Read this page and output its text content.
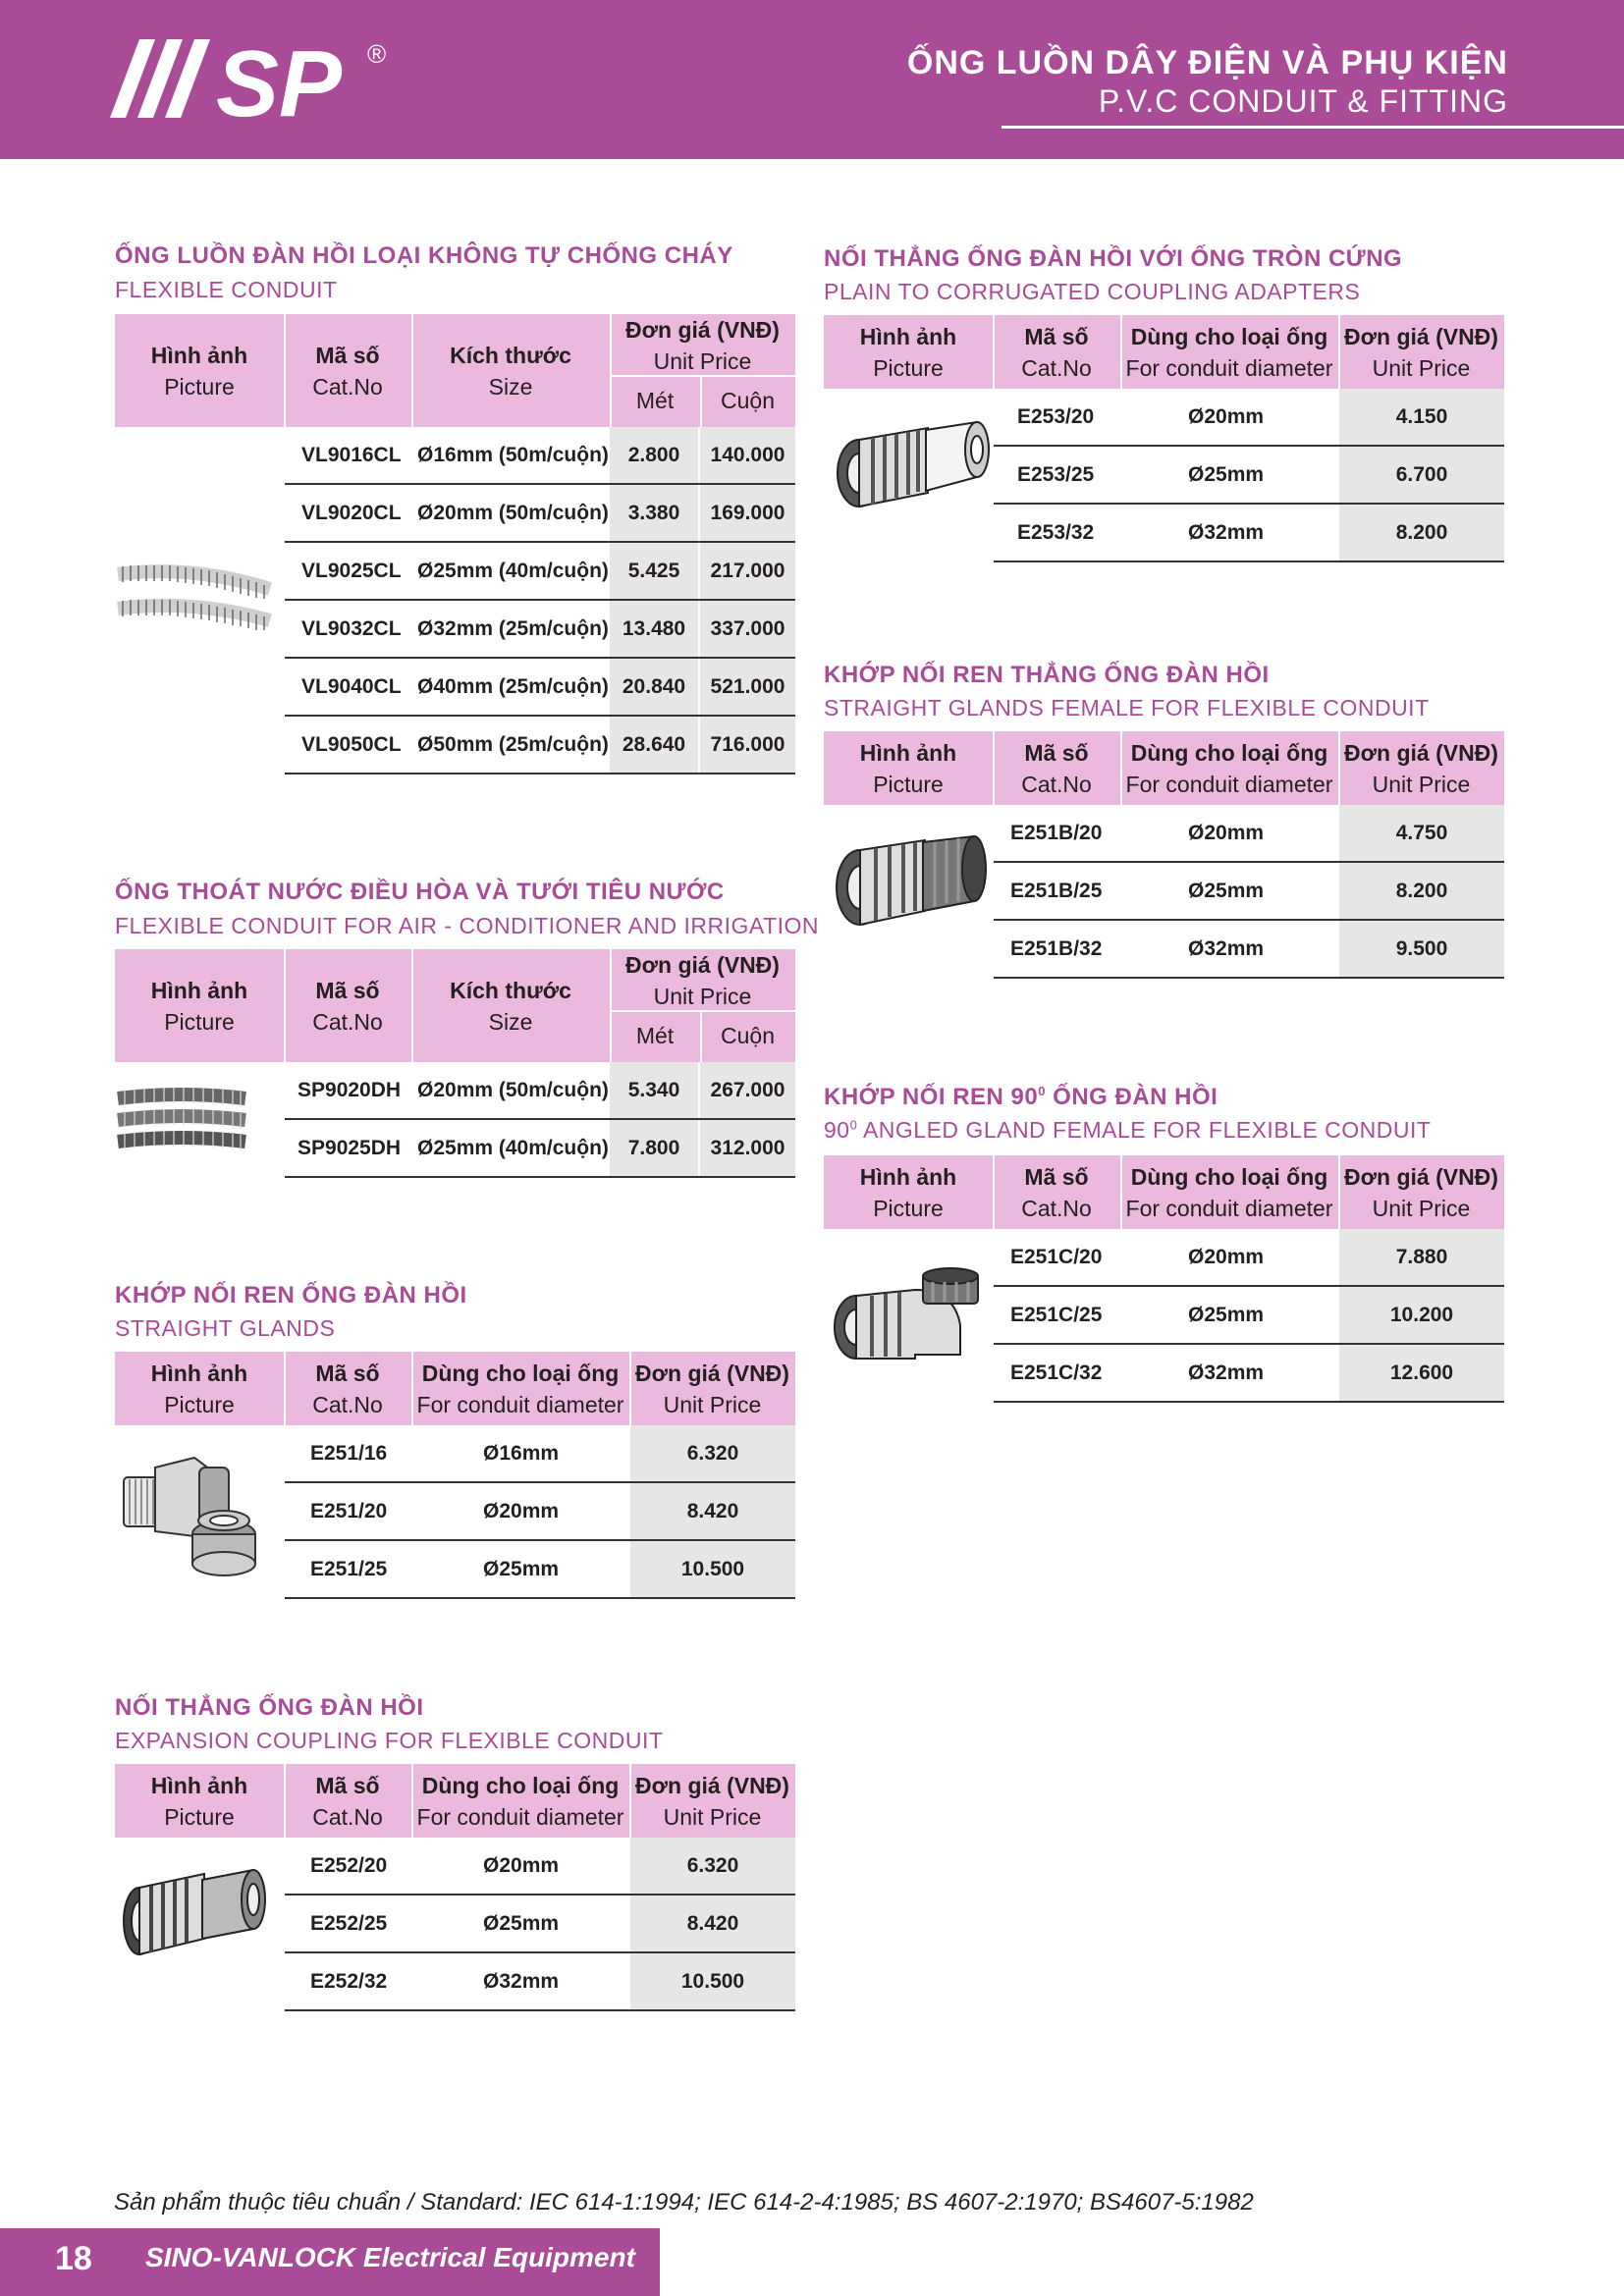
SP ®	ỐNG LUỒN DÂY ĐIỆN VÀ PHỤ KIỆN
P.V.C CONDUIT & FITTING
ỐNG LUỒN ĐÀN HỒI LOẠI KHÔNG TỰ CHỐNG CHÁY
FLEXIBLE CONDUIT
Hình ảnh
Picture
Mã số
Cat.No
Kích thước
Size
Đơn giá (VNĐ)
Unit Price
Mét	Cuộn
VL9016CL Ø16mm (50m/cuộn) 2.800	140.000
VL9020CL Ø20mm (50m/cuộn) 3.380	169.000
VL9025CL Ø25mm (40m/cuộn) 5.425	217.000
VL9032CL Ø32mm (25m/cuộn) 13.480	337.000
VL9040CL Ø40mm (25m/cuộn) 20.840	521.000
VL9050CL Ø50mm (25m/cuộn) 28.640	716.000
ỐNG THOÁT NƯỚC ĐIỀU HÒA VÀ TƯỚI TIÊU NƯỚC
FLEXIBLE CONDUIT FOR AIR - CONDITIONER AND IRRIGATION
Hình ảnh
Picture
Mã số
Cat.No
Kích thước
Size
Đơn giá (VNĐ)
Unit Price
Mét	Cuộn
SP9020DH Ø20mm (50m/cuộn) 5.340	267.000
SP9025DH Ø25mm (40m/cuộn) 7.800	312.000
KHỚP NỐI REN ỐNG ĐÀN HỒI
STRAIGHT GLANDS
Hình ảnh
Picture
Mã số
Cat.No
Dùng cho loại ống
For conduit diameter
Đơn giá (VNĐ)
Unit Price
E251/16	Ø16mm	6.320
E251/20	Ø20mm	8.420
E251/25	Ø25mm	10.500
NỐI THẲNG ỐNG ĐÀN HỒI
EXPANSION COUPLING FOR FLEXIBLE CONDUIT
Hình ảnh
Picture
Mã số
Cat.No
Dùng cho loại ống
For conduit diameter
Đơn giá (VNĐ)
Unit Price
E252/20	Ø20mm	6.320
E252/25	Ø25mm	8.420
E252/32	Ø32mm	10.500
NỐI THẲNG ỐNG ĐÀN HỒI VỚI ỐNG TRÒN CỨNG
PLAIN TO CORRUGATED COUPLING ADAPTERS
Hình ảnh
Picture
Mã số
Cat.No
Dùng cho loại ống
For conduit diameter
Đơn giá (VNĐ)
Unit Price
E253/20	Ø20mm	4.150
E253/25	Ø25mm	6.700
E253/32	Ø32mm	8.200
KHỚP NỐI REN THẲNG ỐNG ĐÀN HỒI
STRAIGHT GLANDS FEMALE FOR FLEXIBLE CONDUIT
Hình ảnh
Picture
Mã số
Cat.No
Dùng cho loại ống
For conduit diameter
Đơn giá (VNĐ)
Unit Price
E251B/20	Ø20mm	4.750
E251B/25	Ø25mm	8.200
E251B/32	Ø32mm	9.500
KHỚP NỐI REN $90^0$ ỐNG ĐÀN HỒI
$90^0$ ANGLED GLAND FEMALE FOR FLEXIBLE CONDUIT
Hình ảnh
Picture
Mã số
Cat.No
Dùng cho loại ống
For conduit diameter
Đơn giá (VNĐ)
Unit Price
E251C/20	Ø20mm	7.880
E251C/25	Ø25mm	10.200
E251C/32	Ø32mm	12.600
Sản phẩm thuộc tiêu chuẩn / Standard: IEC 614-1:1994; IEC 614-2-4:1985; BS 4607-2:1970; BS4607-5:1982
18 SINO-VANLOCK Electrical Equipment
